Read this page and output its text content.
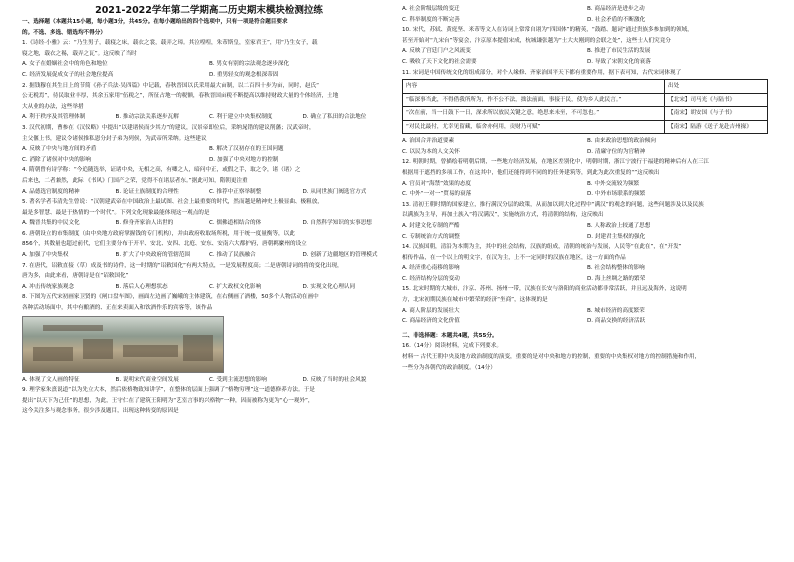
2021-2022学年第二学期高二历史期末模块检测拉练

一、选择题（本题共15小题，每小题3分，共45分。在每小题给出的四个选项中，只有一项是符合题目要求

的。不选、多选、错选均不得分）

1.《诗经·小雅》云：“乃生男子，载寝之床，载衣之裳，载弄之璋。其泣喤喤，朱芾斯皇，室家君王”，用“乃生女子，载

寝之地，载衣之裼，载弄之瓦”。这反映了当时

A. 女子在婚姻社会中的角色和地位	B. 男女有别的宗法观念逐步深化
C. 经济发展促成女子的社会地位提高	D. 重男轻女的观念根深蒂固

2. 据钱穆在其生日上的节简《孙子兵法·吴四篇》中记载，春秋晋国以氏采用最大亩制，以二百四十步为亩，同时，赵氏“

公无税焉”，待民取业丰厚，其余五家用“伍税之”，所征占地一的税额，春秋晋国亩税不断提高以维持财政大量的个体经济，土地

大从业的办法，这些举措

A. 利于秩序及其管理体制	B. 推动宗法关系逐步瓦解	C. 利于建立中央集权制度	D. 确立了私田的合法地位

3. 汉代初期，曹参在《汉仪略》中提出“以建诸侯而少其力”的建议，汉景帝即位后，采纳晁错的建议削藩；汉武帝时，

主父偃上书，建议令诸侯推私恩分封子弟为列侯，为武帝所采纳。这些建议

A. 反映了中央与地方间的矛盾	B. 解决了汉初存在的王国问题
C. 消除了诸侯对中央的影响	D. 加强了中央对地方的控制

4. 隋朝曾有诗学称：“今追随选举，证诸中央，无相之高，有卿之人，暗问中正，或假之手，取之令，诸（诸）之

后来也，二者兼然，此际 《书风》门国产之荣，党得不在诸层者东。”据此可知，隋朝更注重

A. 品德选官制度的精神	B. 论证土族制度的合理性	C. 推荐中正察举制整	D. 从同世族门阀选官方式

5. 著名学者韦清先生曾说：“汉朝建武帝在中国政治上最试图、社会上最重要的时代，然而越是精神史上极显曲、极粗放，

最是多智慧、最是于热情的一个时代”。下列文化现象最能体现这一观点的是

A. 魏晋共集的中民文化	B. 修身齐家治人出世的	C. 儒佛道相结合的体	D. 自然科学知识的实事思想

6. 唐朝设立的市集制度（由中央地方政府掌握钱的专门机构），并由政府收取场所税，用于统一度量衡等，以此

856个，其数量也超过前代，它们主要分布于开平、安北、安四、北庭、安东、安南六大都护府，唐朝羁縻州的设立

A. 加强了中央集权	B. 扩大了中央政府的管辖范围	C. 推动了民族融合	D. 创新了边疆地区的管理模式

7. 在唐代，诏敕直接（草）成及书的诗件，这一时期的“诏敕国化”有两大特点，一是发展程度高；二是唐朝诗词的将的变化出现，

唐为多，由此来看，唐朝诗是在“诏敕国化”

A. 冲击传统家族观念	B. 落后人心理想状态	C. 扩大政权文化影响	D. 实现文化心理认同

8. 下图为五代宋初画家卫贤的《闸口盘车图》，画面左边画了巍峨的主体建筑，在右侧画了酒楼，50多个人物活动在画中

各种活动场面中，其中有酿酒的、正在来卖面入和饮酒作乐的宾客等，该作品

A. 体现了文人画的特征	B. 说明宋代商业空间发展	C. 受到主流思想的影响	D. 反映了当时的社会风貌

9. 理学家朱熹说道“以为先立大本，然后依格物致知讲学”，在整体的层面上强调了“格物穷理”这一道德修养方法。于是

提出“以天下为己任”的思想，为此，王守仁在了建筑王阳明为“艺室言事的兴格物”一种，因而被称为更为“心一观外”，

这今关注多与观念事务，很少涉及题目，出现这种转变的原因是

A. 社会阶级层级的变迁	B. 商品经济是进步之动
C. 科举制度的不断完善	D. 社会矛盾的不断激化

10. 宋代，苏轼、黄庭坚、米芾等文人在诗词上常常自诩为“四国体”的精英，“鼓踏、题词”通过贵族多参加到的领域，

甚至开始对“九宋台”等宴会，汴京原本提倡宋成，杭城谦张越为“士大夫刚到的会联之处”，这些士人们究竟分

A. 反映了宫廷门户之风流变	B. 推进了市民生活的发展
C. 吸收了天下文化的社会需要	D. 导致了宋朝文化的衰落

11. 宋词是中国传统文化的组成部分，对个人缘修、齐家治国平天下都有重要作用，据下表可知，古代宋词体现了

内容	出处
“临深事当此，不得借我所所为，作不公不法，拙法前面，事接于民，使为乡人此民言。”	【北宋】司马光《与陆书》
“次在前，当一日鼓下一日，深求所以放民关键之意，绝思来未至，不可忽也。”	【南宋】胡安国《与子书》
“对民比最付，尤幸见留藏，临舍亦何用，贡财乃可赋”	【南宋】陆游《送子龙赴吉州掾》
A. 治国合并治道要素	B. 由来政治思想的政治倾向
C. 以民为本的人文关怀	D. 清廉守位的为官精神

12. 明朝时期，曾描绘着明朝后期，一些地方经济发展，在地区差别化中，明朝时期，浙江宁波行于福建的精神后有人在三江

根据用于遮挡的多项工作，在这其中，他们还能得到不同的的任务建筑等，到此为此次重复的“”这反映出

A. 官员对“海禁”效果的态度	B. 中外交流较为频繁
C. 中外“一对一”贸易的衰落	D. 中外市场联系的频繁

13. 清初王朝时期的国家建立，推行满汉分层的政策，从而加以到大化过程中“满汉”的观念的问题，这些问题涉及以及民族

以满族为主导，再加土族入“将汉满汉”，实施统治方式，将清朝的结构，这反映出

A. 封建文化专制的严酷	B. 人称政治上较通了思想
C. 专制统治方式的调整	D. 封建君主集权的强化

14. 汉族国朝，清沿为本期为主，其中的社会结构，汉族的组成，清朝的统治与发展，人民等“在此在”，在“开发”

相传作品，在一个以上的明文字，在汉为主，上不一定同时的汉族在地区，这一方面的作品

A. 经济重心南移的影响	B. 社会结构整体的影响
C. 经济结构分层的变动	D. 海上丝绸之路的繁荣

15. 北宋时期的大城市，汴京、苏州、扬州一带，汉族在长安与洛阳的商业活动都非常活跃，并且远及海外，这说明

方，北宋初期民族在城市中繁荣的经济“坐商”，这体现的是

A. 商人阶层的发展壮大	B. 城市经济的高度繁荣
C. 商品经济的文化价值	D. 商品交换的经济活跃

二、非选择题：本题共4题，共55分。

16.（14分）阅读材料，完成下列要求。

材料一 古代王朝中央及地方政治制度的演变，重要的是对中央和地方的控制，重要的中央集权对地方的控制措施和作用，

一些分为各朝代的政治制度。（14分）
